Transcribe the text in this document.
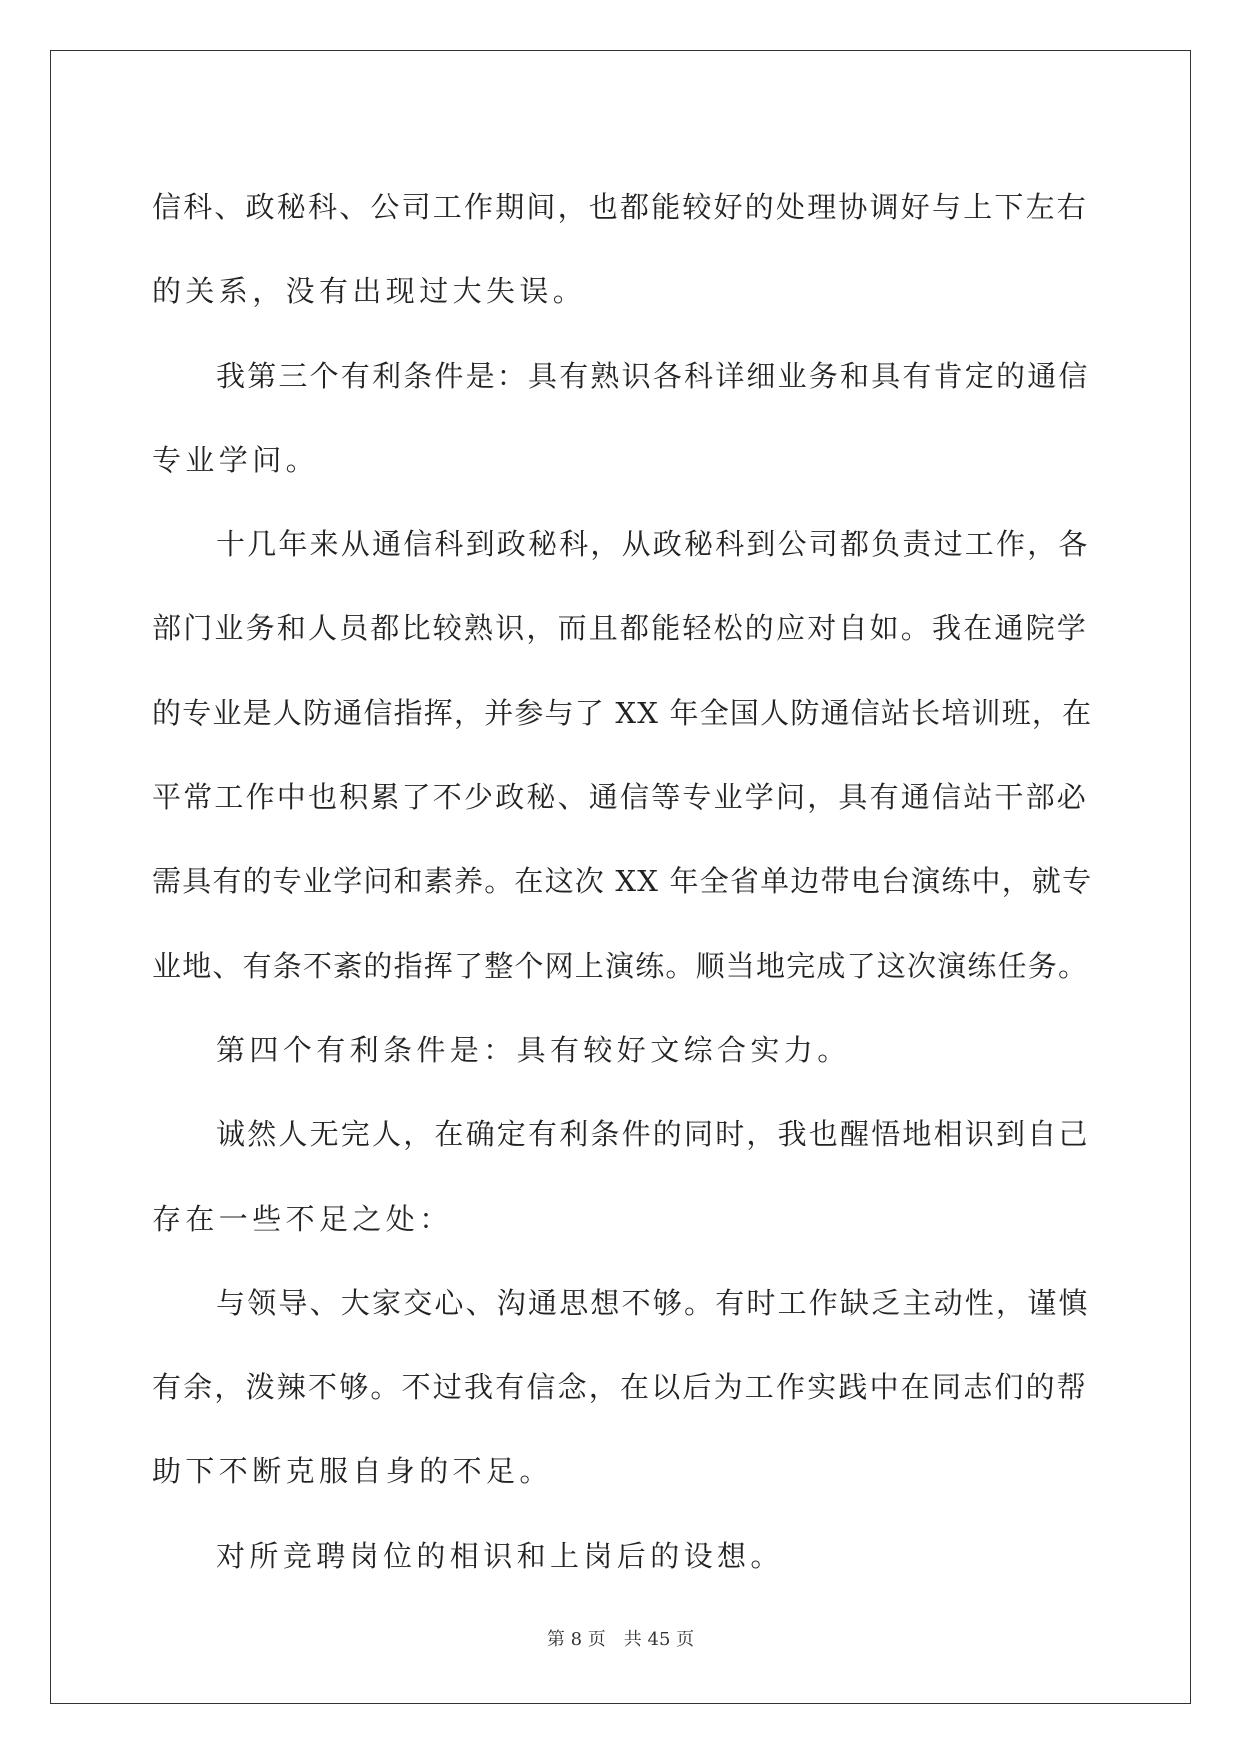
信科、政秘科、公司工作期间，也都能较好的处理协调好与上下左右
的关系，没有出现过大失误。
我第三个有利条件是：具有熟识各科详细业务和具有肯定的通信
专业学问。
十几年来从通信科到政秘科，从政秘科到公司都负责过工作，各
部门业务和人员都比较熟识，而且都能轻松的应对自如。我在通院学
的专业是人防通信指挥，并参与了 XX 年全国人防通信站长培训班，在
平常工作中也积累了不少政秘、通信等专业学问，具有通信站干部必
需具有的专业学问和素养。在这次 XX 年全省单边带电台演练中，就专
业地、有条不紊的指挥了整个网上演练。顺当地完成了这次演练任务。
第四个有利条件是：具有较好文综合实力。
诚然人无完人，在确定有利条件的同时，我也醒悟地相识到自己
存在一些不足之处：
与领导、大家交心、沟通思想不够。有时工作缺乏主动性，谨慎
有余，泼辣不够。不过我有信念，在以后为工作实践中在同志们的帮
助下不断克服自身的不足。
对所竞聘岗位的相识和上岗后的设想。
第 8 页 共 45 页
